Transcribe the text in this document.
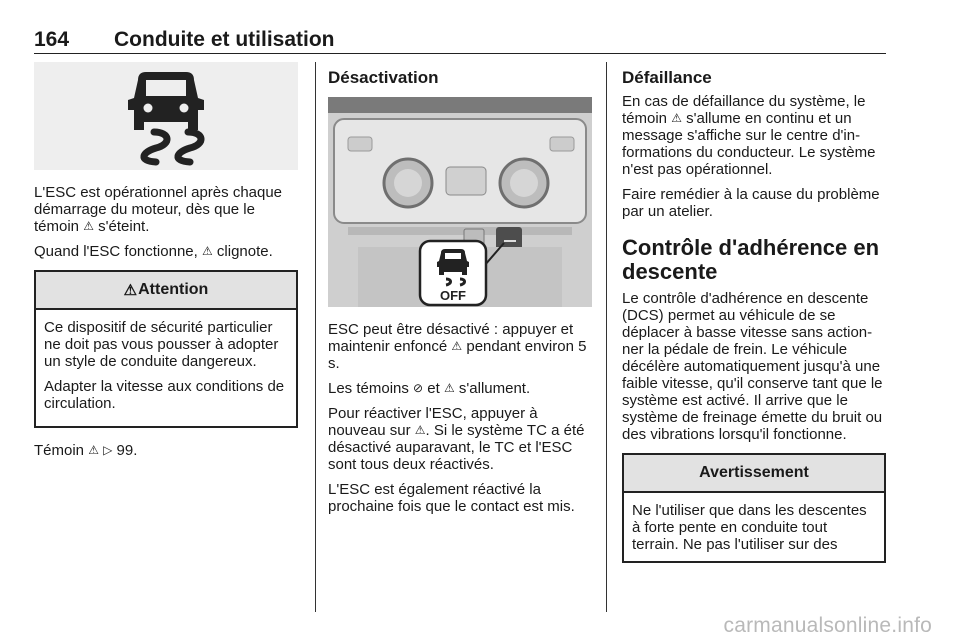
164 Conduite et utilisation

L'ESC est opérationnel après chaque démarrage du moteur, dès que le témoin ⚠ s'éteint.

Quand l'ESC fonctionne, ⚠ clignote.

⚠ Attention

Ce dispositif de sécurité particulier ne doit pas vous pousser à adopter un style de conduite dangereux.

Adapter la vitesse aux conditions de circulation.

Témoin ⚠ ▷ 99.

Désactivation
OFF

ESC peut être désactivé : appuyer et maintenir enfoncé ⚠ pendant environ 5 s.

Les témoins ⊘ et ⚠ s'allument.

Pour réactiver l'ESC, appuyer à nouveau sur ⚠. Si le système TC a été désactivé auparavant, le TC et l'ESC sont tous deux réactivés.

L'ESC est également réactivé la prochaine fois que le contact est mis.

Défaillance

En cas de défaillance du système, le témoin ⚠ s'allume en continu et un message s'affiche sur le centre d'informations du conducteur. Le système n'est pas opérationnel.

Faire remédier à la cause du problème par un atelier.

Contrôle d'adhérence en descente

Le contrôle d'adhérence en descente (DCS) permet au véhicule de se déplacer à basse vitesse sans actionner la pédale de frein. Le véhicule décélère automatiquement jusqu'à une faible vitesse, qu'il conserve tant que le système est activé. Il arrive que le système de freinage émette du bruit ou des vibrations lorsqu'il fonctionne.

Avertissement

Ne l'utiliser que dans les descentes à forte pente en conduite tout terrain. Ne pas l'utiliser sur des

carmanualsonline.info
